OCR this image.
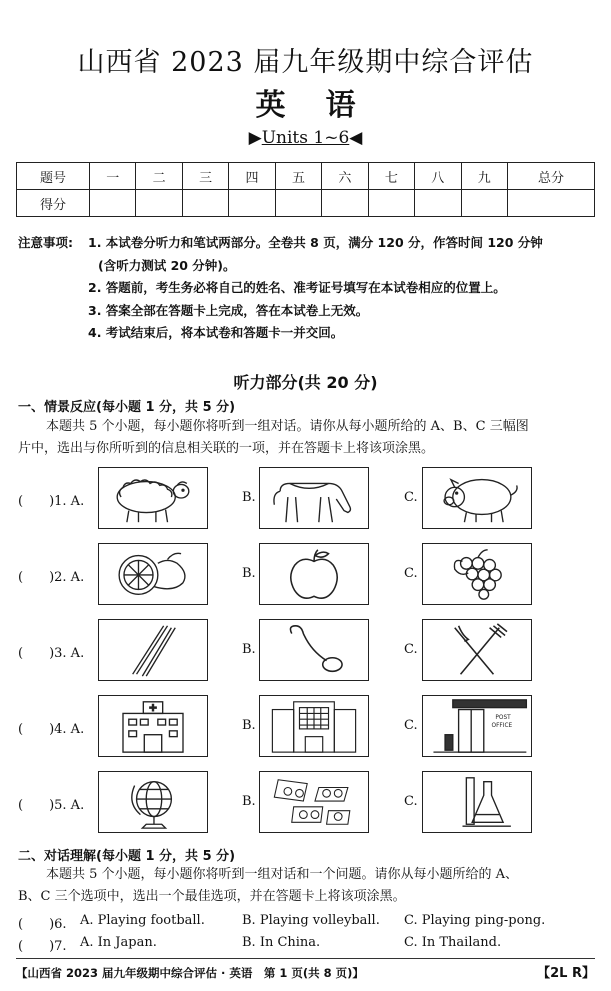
山西省 2023 届九年级期中综合评估
英语
▶Units 1~6◀
题号	一	二	三	四	五	六	七	八	九	总分
得分										
注意事项: 1. 本试卷分听力和笔试两部分。全卷共 8 页，满分 120 分，作答时间 120 分钟
(含听力测试 20 分钟)。
2. 答题前，考生务必将自己的姓名、准考证号填写在本试卷相应的位置上。
3. 答案全部在答题卡上完成，答在本试卷上无效。
4. 考试结束后，将本试卷和答题卡一并交回。
听力部分(共 20 分)
一、情景反应(每小题 1 分，共 5 分)
本题共 5 个小题，每小题你将听到一组对话。请你从每小题所给的 A、B、C 三幅图
片中，选出与你所听到的信息相关联的一项，并在答题卡上将该项涂黑。
(　　)1. A.	B.	C.
(　　)2. A.	B.	C.
(　　)3. A.	B.	C.
(　　)4. A.	B.	C.	POST
OFFICE
(　　)5. A.	B.	C.
二、对话理解(每小题 1 分，共 5 分)
本题共 5 个小题，每小题你将听到一组对话和一个问题。请你从每小题所给的 A、
B、C 三个选项中，选出一个最佳选项，并在答题卡上将该项涂黑。
(　　)6. A. Playing football.	B. Playing volleyball. C. Playing ping-pong.
(　　)7. A. In Japan.	B. In China.	C. In Thailand.
【山西省 2023 届九年级期中综合评估 · 英语　第 1 页(共 8 页)】	【2L R】
